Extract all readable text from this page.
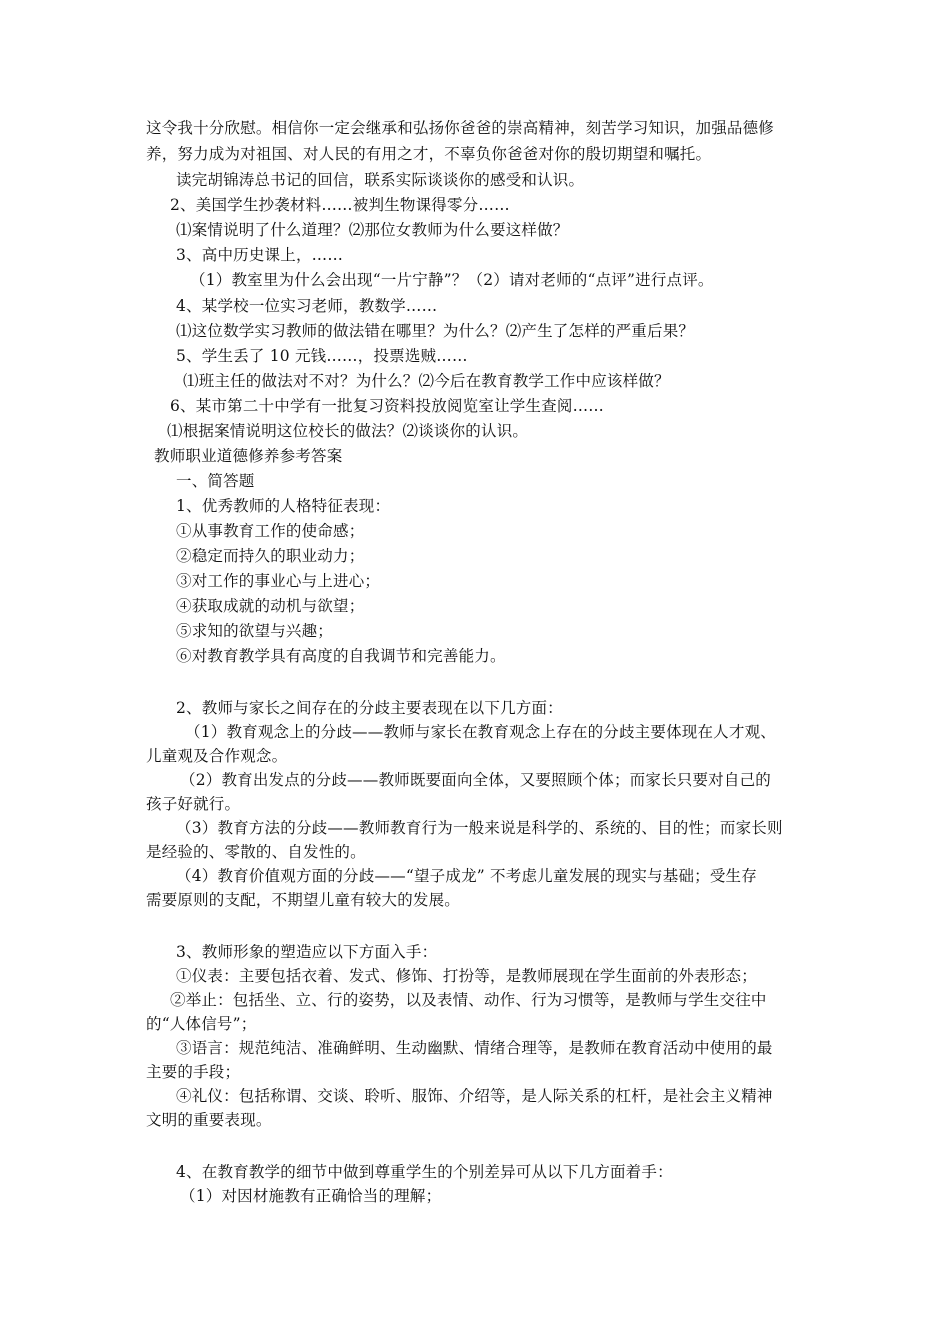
这令我十分欣慰。相信你一定会继承和弘扬你爸爸的崇高精神，刻苦学习知识，加强品德修
养，努力成为对祖国、对人民的有用之才，不辜负你爸爸对你的殷切期望和嘱托。
读完胡锦涛总书记的回信，联系实际谈谈你的感受和认识。
2、美国学生抄袭材料……被判生物课得零分……
⑴案情说明了什么道理？⑵那位女教师为什么要这样做？
3、高中历史课上，……
（1）教室里为什么会出现“一片宁静”？（2）请对老师的“点评”进行点评。
4、某学校一位实习老师，教数学……
⑴这位数学实习教师的做法错在哪里？为什么？⑵产生了怎样的严重后果？
5、学生丢了 10 元钱……，投票选贼……
⑴班主任的做法对不对？为什么？⑵今后在教育教学工作中应该样做？
6、某市第二十中学有一批复习资料投放阅览室让学生查阅……
⑴根据案情说明这位校长的做法？⑵谈谈你的认识。
教师职业道德修养参考答案
一、简答题
1、优秀教师的人格特征表现：
①从事教育工作的使命感；
②稳定而持久的职业动力；
③对工作的事业心与上进心；
④获取成就的动机与欲望；
⑤求知的欲望与兴趣；
⑥对教育教学具有高度的自我调节和完善能力。
2、教师与家长之间存在的分歧主要表现在以下几方面：
（1）教育观念上的分歧——教师与家长在教育观念上存在的分歧主要体现在人才观、
儿童观及合作观念。
（2）教育出发点的分歧——教师既要面向全体，又要照顾个体；而家长只要对自己的
孩子好就行。
（3）教育方法的分歧——教师教育行为一般来说是科学的、系统的、目的性；而家长则
是经验的、零散的、自发性的。
（4）教育价值观方面的分歧——“望子成龙” 不考虑儿童发展的现实与基础；受生存
需要原则的支配，不期望儿童有较大的发展。
3、教师形象的塑造应以下方面入手：
①仪表：主要包括衣着、发式、修饰、打扮等，是教师展现在学生面前的外表形态；
②举止：包括坐、立、行的姿势，以及表情、动作、行为习惯等，是教师与学生交往中
的“人体信号”；
③语言：规范纯洁、准确鲜明、生动幽默、情绪合理等，是教师在教育活动中使用的最
主要的手段；
④礼仪：包括称谓、交谈、聆听、服饰、介绍等，是人际关系的杠杆，是社会主义精神
文明的重要表现。
4、在教育教学的细节中做到尊重学生的个别差异可从以下几方面着手：
（1）对因材施教有正确恰当的理解；
